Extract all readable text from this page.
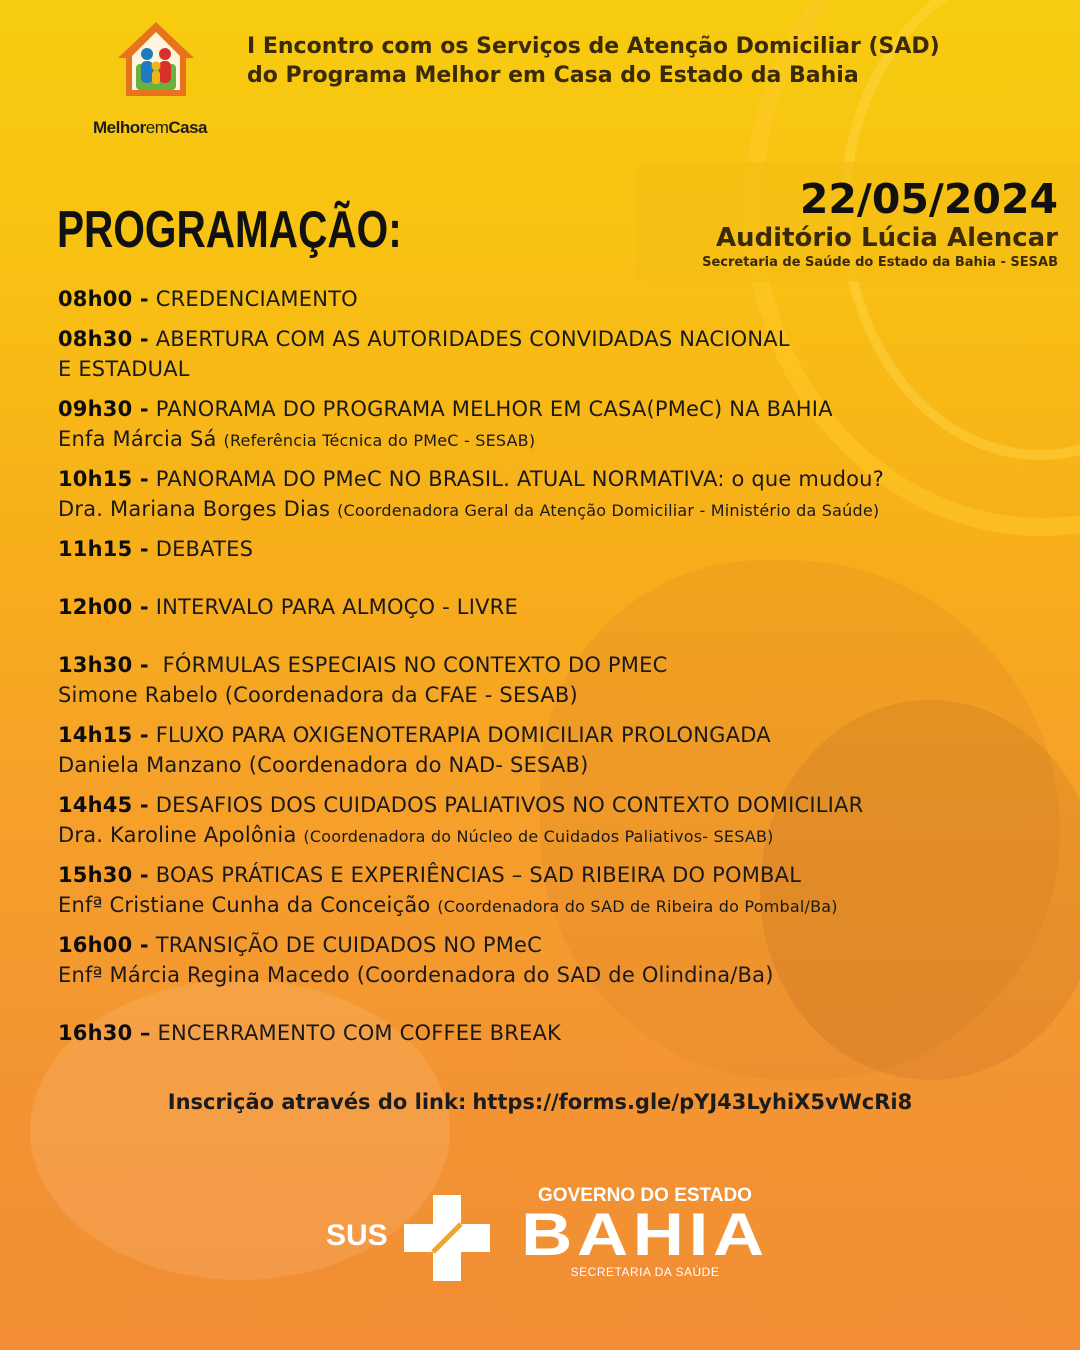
MelhoremCasa
I Encontro com os Serviços de Atenção Domiciliar (SAD)
do Programa Melhor em Casa do Estado da Bahia
PROGRAMAÇÃO:
22/05/2024
Auditório Lúcia Alencar
Secretaria de Saúde do Estado da Bahia - SESAB
08h00 - CREDENCIAMENTO
08h30 - ABERTURA COM AS AUTORIDADES CONVIDADAS NACIONAL
E ESTADUAL
09h30 - PANORAMA DO PROGRAMA MELHOR EM CASA(PMeC) NA BAHIA
Enfa Márcia Sá (Referência Técnica do PMeC - SESAB)
10h15 - PANORAMA DO PMeC NO BRASIL. ATUAL NORMATIVA: o que mudou?
Dra. Mariana Borges Dias (Coordenadora Geral da Atenção Domiciliar - Ministério da Saúde)
11h15 - DEBATES
12h00 - INTERVALO PARA ALMOÇO - LIVRE
13h30 -  FÓRMULAS ESPECIAIS NO CONTEXTO DO PMEC
Simone Rabelo (Coordenadora da CFAE - SESAB)
14h15 - FLUXO PARA OXIGENOTERAPIA DOMICILIAR PROLONGADA
Daniela Manzano (Coordenadora do NAD- SESAB)
14h45 - DESAFIOS DOS CUIDADOS PALIATIVOS NO CONTEXTO DOMICILIAR
Dra. Karoline Apolônia (Coordenadora do Núcleo de Cuidados Paliativos- SESAB)
15h30 - BOAS PRÁTICAS E EXPERIÊNCIAS – SAD RIBEIRA DO POMBAL
Enfª Cristiane Cunha da Conceição (Coordenadora do SAD de Ribeira do Pombal/Ba)
16h00 - TRANSIÇÃO DE CUIDADOS NO PMeC
Enfª Márcia Regina Macedo (Coordenadora do SAD de Olindina/Ba)
16h30 – ENCERRAMENTO COM COFFEE BREAK
Inscrição através do link: https://forms.gle/pYJ43LyhiX5vWcRi8
SUS
GOVERNO DO ESTADO
BAHIA
SECRETARIA DA SAÚDE
